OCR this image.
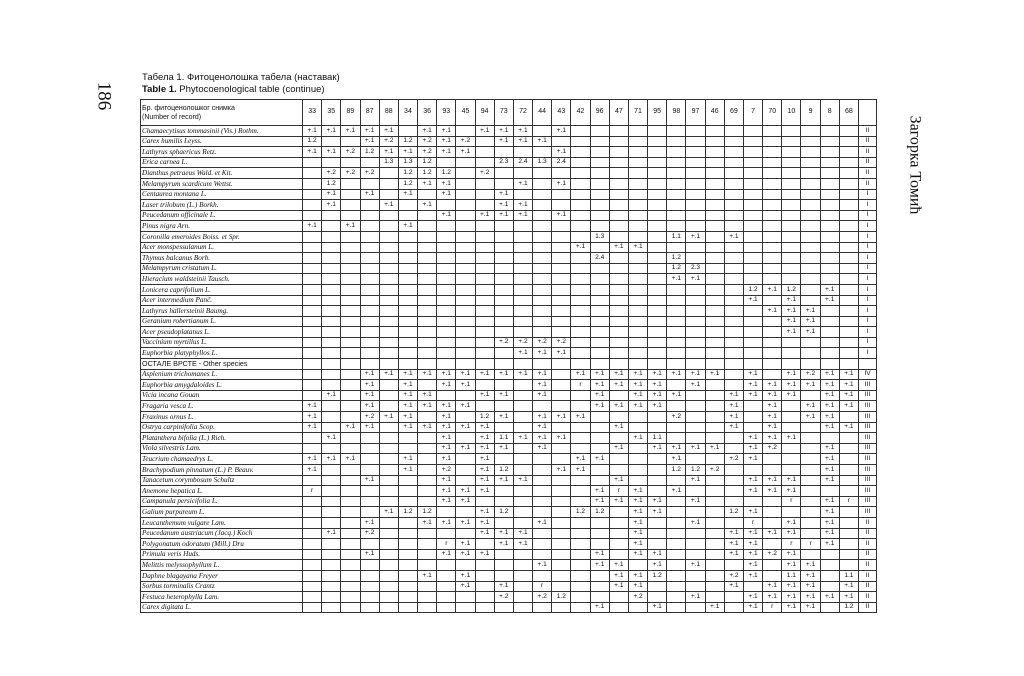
186
Загорка Томић
Табела 1. Фитоценолошка табела (наставак)
Table 1. Phytocoenological table (continue)
Бр. фитоценолошког снимка
(Number of record)	33	35	89	87	88	34	36	93	45	94	73	72	44	43	42	96	47	71	95	98	97	46	69	7	70	10	9	8	68	
Chamaecytisus tommasinii (Vis.) Rothm.	+.1	+.1	+.1	+.1	+.1		+.1	+.1		+.1	+.1	+.1		+.1																II
Carex humilis Leyss.	1.2			+.1	+.2	1.2	+.2	+.1	+.2		+.1	+.1	+.1																	II
Lathyrus sphaericus Retz.	+.1	+.1	+.2	1.2	+.1	+.1	+.2	+.1	+.1					+.1																II
Erica carnea L.					1.3	1.3	1.2				2.3	2.4	1.3	2.4																II
Dianthus petraeus Wald. et Kit.		+.2	+.2	+.2		1.2	1.2	1.2		+.2																				II
Melampyrum scardicum Wettst.		1.2				1.2	+.1	+.1				+.1		+.1																II
Centaurea montana L.		+.1		+.1		+.1		+.1			+.1																			I
Laser trilobum (L.) Borkh.		+.1			+.1		+.1				+.1	+.1																		I
Peucedanum officinale L.								+.1		+.1	+.1	+.1		+.1																I
Pinus nigra Arn.	+.1		+.1			+.1																								I
Coronilla emeroides Boiss. et Spr.																1.3				1.1	+.1		+.1							I
Acer monspessulanum L.															+.1		+.1	+.1												I
Thymus balcanus Borb.																2.4				1.2										I
Melampyrum cristatum L.																				1.2	2.3									I
Hieracium waldsteinii Tausch.																				+.1	+.1									I
Lonicera caprifolium L.																								1.2	+.1	1.2		+.1		I
Acer intermedium Panč.																								+.1		+.1		+.1		I
Lathyrus hallersteinii Baumg.																									+.1	+.1	+.1			I
Geranium robertianum L.																										+.1	+.1			I
Acer pseudoplatanus L.																										+.1	+.1			I
Vaccinium myrtillus L.											+.2	+.2	+.2	+.2																I
Euphorbia platyphyllos L.												+.1	+.1	+.1																I
ОСТАЛЕ ВРСТЕ - Other species																														
Asplenium trichomanes L.				+.1	+.1	+.1	+.1	+.1	+.1	+.1	+.1	+.1	+.1		+.1	+.1	+.1	+.1	+.1	+.1	+.1	+.1		+.1		+.1	+.2	+.1	+.1	IV
Euphorbia amygdaloides L.				+.1		+.1		+.1	+.1				+.1		r	+.1	+.1	+.1	+.1		+.1			+.1	+.1	+.1	+.1	+.1	+.1	III
Vicia incana Gouan		+.1		+.1		+.1	+.1			+.1	+.1		+.1			+.1		+.1	+.1	+.1			+.1	+.1	+.1	+.1		+.1	+.1	III
Fragaria vesca L.	+.1			+.1		+.1	+.1	+.1	+.1							+.1	+.1	+.1	+.1				+.1		+.1		+.1	+.1	+.1	III
Fraxinus ornus L.	+.1			+.2	+.1	+.1		+.1		1.2	+.1		+.1	+.1	+.1					+.2			+.1		+.1		+.1	+.1		III
Ostrya carpinifolia Scop.	+.1		+.1	+.1		+.1	+.1	+.1	+.1	+.1			+.1				+.1						+.1		+.1			+.1	+.1	III
Platanthera bifolia (L.) Rich.		+.1						+.1		+.1	1.1	+.1	+.1	+.1				+.1	1.1					+.1	+.1	+.1				III
Viola silvestris Lam.								+.1	+.1	+.1	+.1		+.1				+.1		+.1	+.1	+.1	+.1		+.1	+.2			+.1		III
Teucrium chamaedrys L.	+.1	+.1	+.1			+.1		+.1		+.1					+.1	+.1				+.1			+.2	+.1				+.1		III
Brachypodium pinnatum (L.) P. Beauv.	+.1					+.1		+.2		+.1	1.2			+.1	+.1					1.2	1.2	+.2						+.1		III
Tanacetum corymbosum Schultz				+.1				+.1		+.1	+.1	+.1					+.1				+.1			+.1	+.1	+.1		+.1		III
Anemone hepatica L.	r							+.1	+.1	+.1						+.1	r	+.1		+.1				+.1	+.1	+.1				III
Campanula persicifolia L.								+.1	+.1							+.1	+.1	+.1	+.1		+.1					r		+.1	r	III
Galium purpureum L.					+.1	1.2	1.2			+.1	1.2				1.2	1.2		+.1	+.1				1.2	+.1				+.1		III
Leucanthemum vulgare Lam.				+.1			+.1	+.1	+.1	+.1			+.1					+.1			+.1			r		+.1		+.1		II
Peucedanum austriacum (Jacq.) Koch		+.1		+.2						+.1	+.1	+.1						+.1					+.1	+.1	+.1	+.1		+.1		II
Polygonatum odoratum (Mill.) Dru								r	+.1		+.1	+.1						+.1					+.1	+.1		r	r	+.1		II
Primula veris Huds.				+.1				+.1	+.1	+.1						+.1		+.1	+.1				+.1	+.1	+.2	+.1				II
Melittis melyssophyllum L.													+.1			+.1	+.1		+.1		+.1			+.1		+.1	+.1			II
Daphne blagayana Freyer							+.1		+.1								+.1	+.1	1.2				+.2	+.1		1.1	+.1		1.1	II
Sorbus torminalis Crantz									+.1		+.1		r				+.1	+.1					+.1		+.1	+.1	+.1		+.1	II
Festuca heterophylla Lam.											+.2		+.2	1.2				+.2			+.1			+.1	+.1	+.1	+.1	+.1	+.1	II
Carex digitata L.																+.1			+.1			+.1		+.1	r	+.1	+.1		1.2	II
